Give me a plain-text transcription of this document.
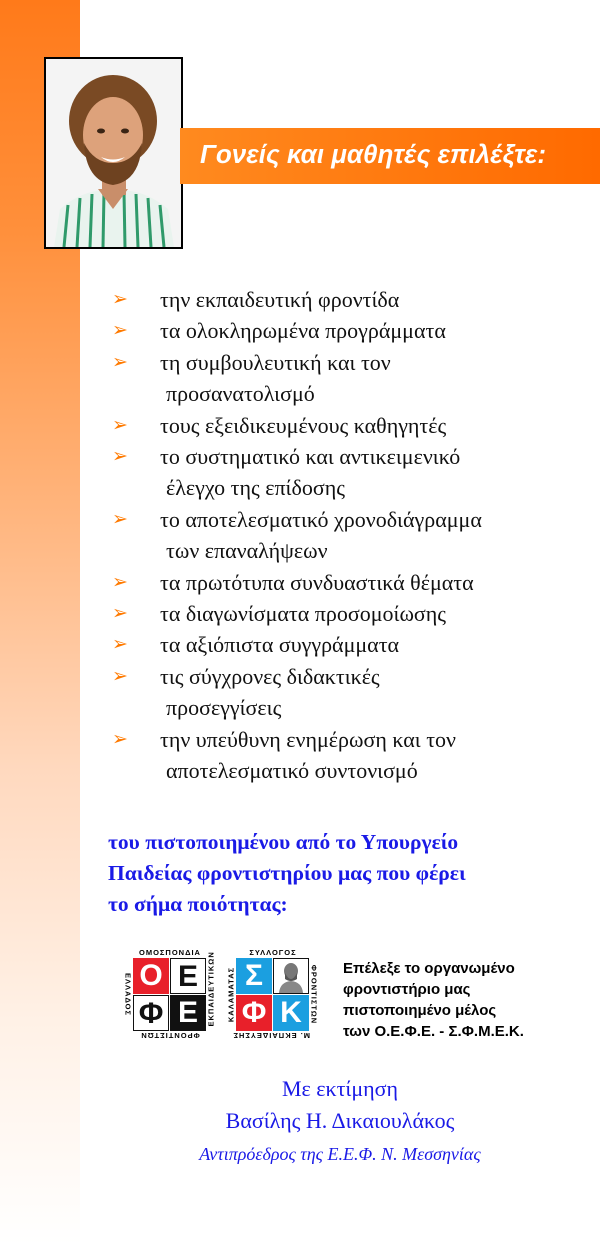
Γονείς και μαθητές επιλέξτε:
➢ την εκπαιδευτική φροντίδα
➢ τα ολοκληρωμένα προγράμματα
➢ τη συμβουλευτική και τον
προσανατολισμό
➢ τους εξειδικευμένους καθηγητές
➢ το συστηματικό και αντικειμενικό
έλεγχο της επίδοσης
➢ το αποτελεσματικό χρονοδιάγραμμα
των επαναλήψεων
➢ τα πρωτότυπα συνδυαστικά θέματα
➢ τα διαγωνίσματα προσομοίωσης
➢ τα αξιόπιστα συγγράμματα
➢ τις σύγχρονες διδακτικές
προσεγγίσεις
➢ την υπεύθυνη ενημέρωση και τον
αποτελεσματικό συντονισμό
του πιστοποιημένου από το Υπουργείο
Παιδείας φροντιστηρίου μας που φέρει
το σήμα ποιότητας:
ΟΜΟΣΠΟΝΔΙΑ
ΦΡΟΝΤΙΣΤΩΝ
ΕΛΛΑΔΟΣ	ΕΚΠΑΙΔΕΥΤΙΚΩΝ
Ο Ε
Φ Ε
ΣΥΛΛΟΓΟΣ
Μ. ΕΚΠΑΙΔΕΥΣΗΣ
ΚΑΛΑΜΑΤΑΣ	ΦΡΟΝΤΙΣΤΩΝ
Σ
Φ Κ
Επέλεξε το οργανωμένο
φροντιστήριο μας
πιστοποιημένο μέλος
των Ο.Ε.Φ.Ε. - Σ.Φ.Μ.Ε.Κ.
Με εκτίμηση
Βασίλης Η. Δικαιουλάκος
Αντιπρόεδρος της Ε.Ε.Φ. Ν. Μεσσηνίας
